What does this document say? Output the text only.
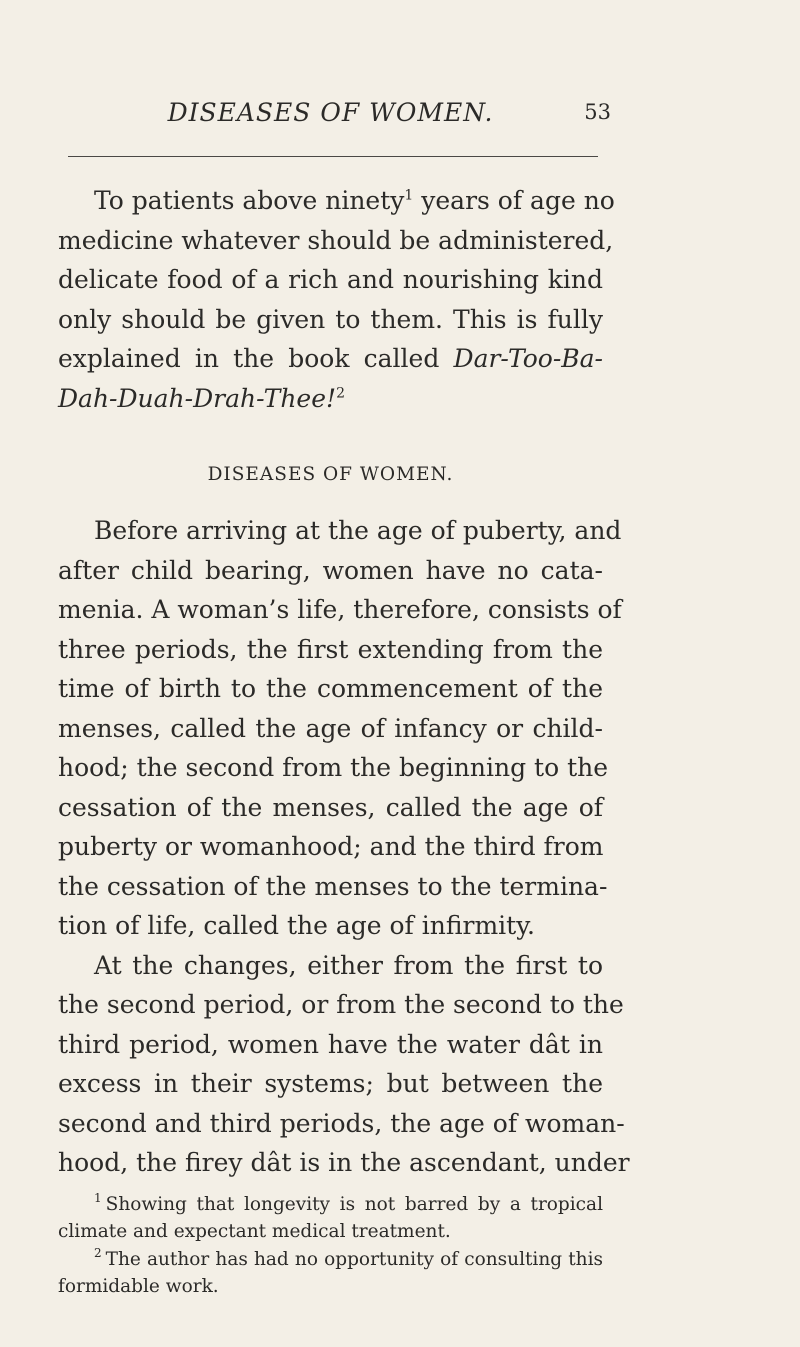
DISEASES OF WOMEN.	53
To patients above ninety$^1$ years of age no
medicine whatever should be administered,
delicate food of a rich and nourishing kind
only should be given to them. This is fully
explained in the book called Dar-Too-Ba-
Dah-Duah-Drah-Thee!$^2$
DISEASES OF WOMEN.
Before arriving at the age of puberty, and
after child bearing, women have no cata-
menia. A woman’s life, therefore, consists of
three periods, the first extending from the
time of birth to the commencement of the
menses, called the age of infancy or child-
hood; the second from the beginning to the
cessation of the menses, called the age of
puberty or womanhood; and the third from
the cessation of the menses to the termina-
tion of life, called the age of infirmity.
At the changes, either from the first to
the second period, or from the second to the
third period, women have the water dât in
excess in their systems; but between the
second and third periods, the age of woman-
hood, the firey dât is in the ascendant, under
$^1$ Showing that longevity is not barred by a tropical
climate and expectant medical treatment.
$^2$ The author has had no opportunity of consulting this
formidable work.
